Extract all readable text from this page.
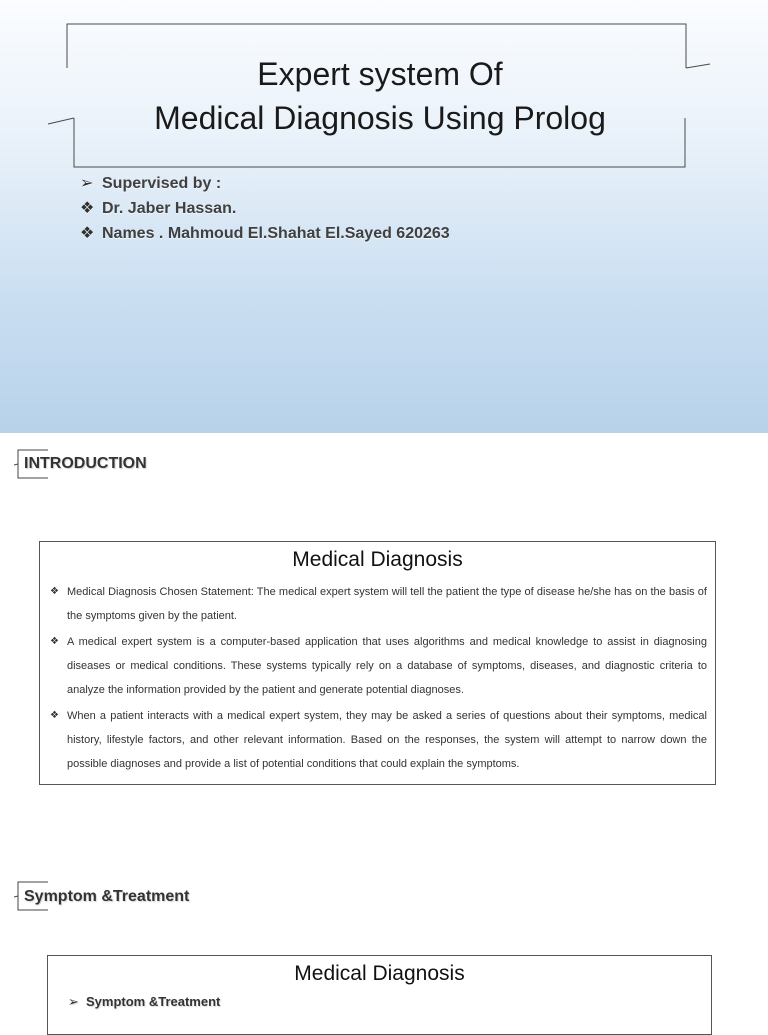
Expert system Of
Medical Diagnosis Using Prolog
➢ Supervised by :
❖ Dr. Jaber Hassan.
❖ Names . Mahmoud El.Shahat El.Sayed 620263
INTRODUCTION
Medical Diagnosis
❖ Medical Diagnosis Chosen Statement: The medical expert system will tell the patient the type of disease he/she has on the basis of the symptoms given by the patient.
❖ A medical expert system is a computer-based application that uses algorithms and medical knowledge to assist in diagnosing diseases or medical conditions. These systems typically rely on a database of symptoms, diseases, and diagnostic criteria to analyze the information provided by the patient and generate potential diagnoses.
❖ When a patient interacts with a medical expert system, they may be asked a series of questions about their symptoms, medical history, lifestyle factors, and other relevant information. Based on the responses, the system will attempt to narrow down the possible diagnoses and provide a list of potential conditions that could explain the symptoms.
Symptom &Treatment
Medical Diagnosis
➢ Symptom &Treatment
